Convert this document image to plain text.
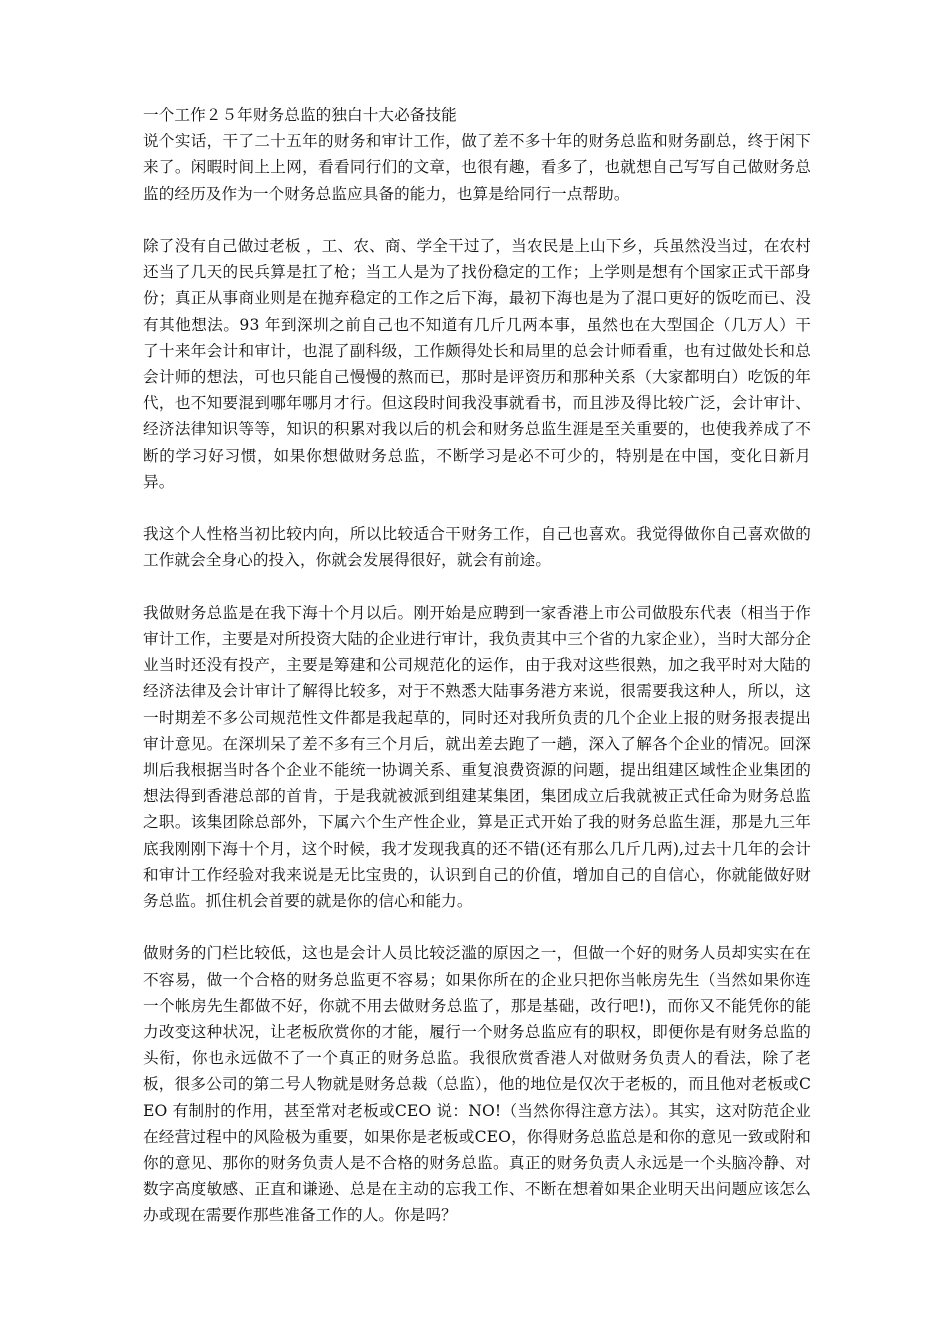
一个工作２５年财务总监的独白十大必备技能

说个实话，干了二十五年的财务和审计工作，做了差不多十年的财务总监和财务副总，终于闲下来了。闲暇时间上上网，看看同行们的文章，也很有趣，看多了，也就想自己写写自己做财务总监的经历及作为一个财务总监应具备的能力，也算是给同行一点帮助。

除了没有自己做过老板 ，工、农、商、学全干过了，当农民是上山下乡，兵虽然没当过，在农村还当了几天的民兵算是扛了枪；当工人是为了找份稳定的工作；上学则是想有个国家正式干部身份；真正从事商业则是在抛弃稳定的工作之后下海，最初下海也是为了混口更好的饭吃而已、没有其他想法。93 年到深圳之前自己也不知道有几斤几两本事，虽然也在大型国企（几万人）干了十来年会计和审计，也混了副科级，工作颇得处长和局里的总会计师看重，也有过做处长和总会计师的想法，可也只能自己慢慢的熬而已，那时是评资历和那种关系（大家都明白）吃饭的年代，也不知要混到哪年哪月才行。但这段时间我没事就看书，而且涉及得比较广泛，会计审计、经济法律知识等等，知识的积累对我以后的机会和财务总监生涯是至关重要的，也使我养成了不断的学习好习惯，如果你想做财务总监，不断学习是必不可少的，特别是在中国，变化日新月异。

我这个人性格当初比较内向，所以比较适合干财务工作，自己也喜欢。我觉得做你自己喜欢做的工作就会全身心的投入，你就会发展得很好，就会有前途。

我做财务总监是在我下海十个月以后。刚开始是应聘到一家香港上市公司做股东代表（相当于作审计工作，主要是对所投资大陆的企业进行审计，我负责其中三个省的九家企业），当时大部分企业当时还没有投产，主要是筹建和公司规范化的运作，由于我对这些很熟，加之我平时对大陆的经济法律及会计审计了解得比较多，对于不熟悉大陆事务港方来说，很需要我这种人，所以，这一时期差不多公司规范性文件都是我起草的，同时还对我所负责的几个企业上报的财务报表提出审计意见。在深圳呆了差不多有三个月后，就出差去跑了一趟，深入了解各个企业的情况。回深圳后我根据当时各个企业不能统一协调关系、重复浪费资源的问题，提出组建区域性企业集团的想法得到香港总部的首肯，于是我就被派到组建某集团，集团成立后我就被正式任命为财务总监之职。该集团除总部外，下属六个生产性企业，算是正式开始了我的财务总监生涯，那是九三年底我刚刚下海十个月，这个时候，我才发现我真的还不错(还有那么几斤几两),过去十几年的会计和审计工作经验对我来说是无比宝贵的，认识到自己的价值，增加自己的自信心，你就能做好财务总监。抓住机会首要的就是你的信心和能力。

做财务的门栏比较低，这也是会计人员比较泛滥的原因之一，但做一个好的财务人员却实实在在不容易，做一个合格的财务总监更不容易；如果你所在的企业只把你当帐房先生（当然如果你连一个帐房先生都做不好，你就不用去做财务总监了，那是基础，改行吧!)，而你又不能凭你的能力改变这种状况，让老板欣赏你的才能，履行一个财务总监应有的职权，即便你是有财务总监的头衔，你也永远做不了一个真正的财务总监。我很欣赏香港人对做财务负责人的看法，除了老板，很多公司的第二号人物就是财务总裁（总监），他的地位是仅次于老板的，而且他对老板或CEO 有制肘的作用，甚至常对老板或CEO 说：NO!（当然你得注意方法）。其实，这对防范企业在经营过程中的风险极为重要，如果你是老板或CEO，你得财务总监总是和你的意见一致或附和你的意见、那你的财务负责人是不合格的财务总监。真正的财务负责人永远是一个头脑冷静、对数字高度敏感、正直和谦逊、总是在主动的忘我工作、不断在想着如果企业明天出问题应该怎么办或现在需要作那些准备工作的人。你是吗？
